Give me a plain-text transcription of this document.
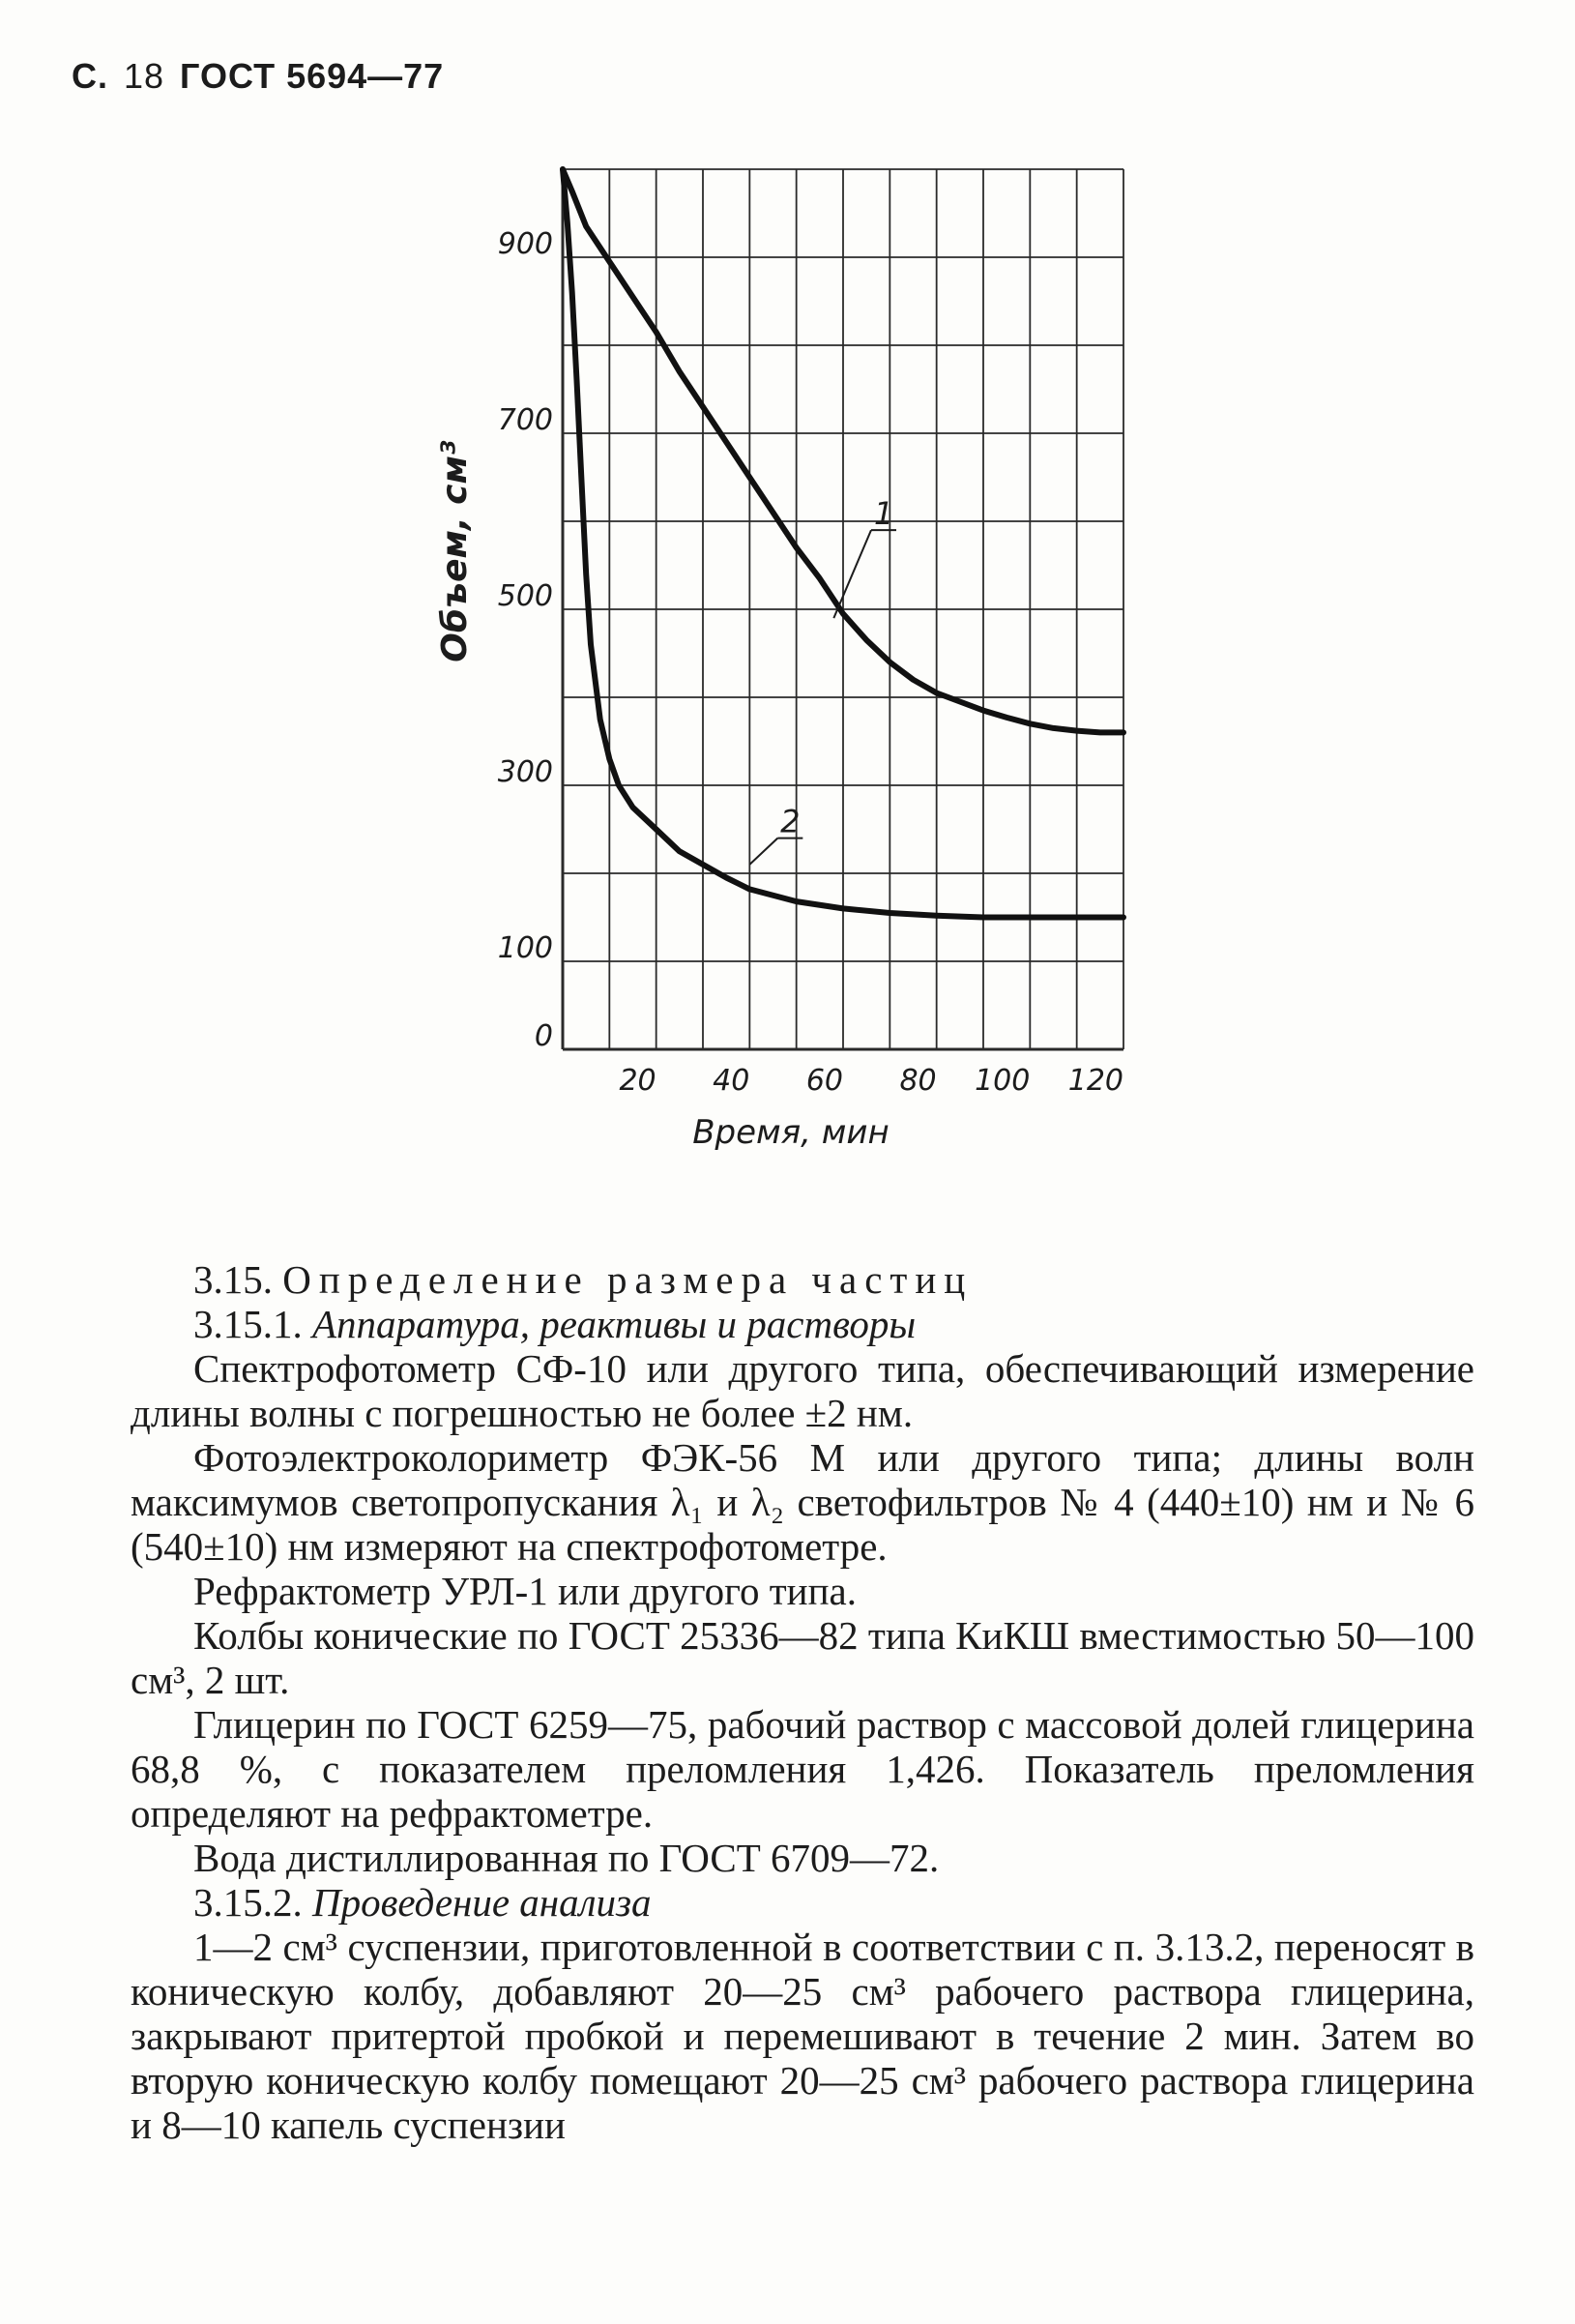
С. 18 ГОСТ 5694—77
20 40 60 80 100 120
0
100
300
500
700
900
Объем, см³
Время, мин
1
2

3.15. Определение размера частиц

3.15.1. Аппаратура, реактивы и растворы

Спектрофотометр СФ-10 или другого типа, обеспечивающий измерение длины волны с погрешностью не более ±2 нм.

Фотоэлектроколориметр ФЭК-56 М или другого типа; длины волн максимумов светопропускания λ₁ и λ₂ светофильтров № 4 (440±10) нм и № 6 (540±10) нм измеряют на спектрофотометре.

Рефрактометр УРЛ-1 или другого типа.

Колбы конические по ГОСТ 25336—82 типа КиКШ вместимостью 50—100 см³, 2 шт.

Глицерин по ГОСТ 6259—75, рабочий раствор с массовой долей глицерина 68,8 %, с показателем преломления 1,426. Показатель преломления определяют на рефрактометре.

Вода дистиллированная по ГОСТ 6709—72.

3.15.2. Проведение анализа

1—2 см³ суспензии, приготовленной в соответствии с п. 3.13.2, переносят в коническую колбу, добавляют 20—25 см³ рабочего раствора глицерина, закрывают притертой пробкой и перемешивают в течение 2 мин. Затем во вторую коническую колбу помещают 20—25 см³ рабочего раствора глицерина и 8—10 капель суспензии
